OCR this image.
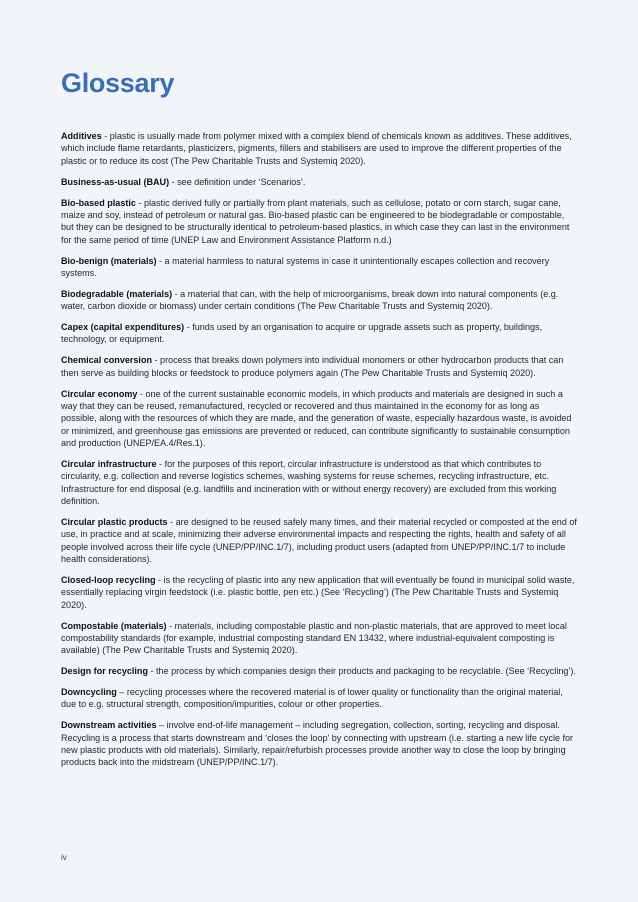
Glossary

Additives - plastic is usually made from polymer mixed with a complex blend of chemicals known as additives. These additives, which include flame retardants, plasticizers, pigments, fillers and stabilisers are used to improve the different properties of the plastic or to reduce its cost (The Pew Charitable Trusts and Systemiq 2020).

Business-as-usual (BAU) - see definition under ‘Scenarios’.

Bio-based plastic - plastic derived fully or partially from plant materials, such as cellulose, potato or corn starch, sugar cane, maize and soy, instead of petroleum or natural gas. Bio-based plastic can be engineered to be biodegradable or compostable, but they can be designed to be structurally identical to petroleum-based plastics, in which case they can last in the environment for the same period of time (UNEP Law and Environment Assistance Platform n.d.)

Bio-benign (materials) - a material harmless to natural systems in case it unintentionally escapes collection and recovery systems.

Biodegradable (materials) - a material that can, with the help of microorganisms, break down into natural components (e.g. water, carbon dioxide or biomass) under certain conditions (The Pew Charitable Trusts and Systemiq 2020).

Capex (capital expenditures) - funds used by an organisation to acquire or upgrade assets such as property, buildings, technology, or equipment.

Chemical conversion - process that breaks down polymers into individual monomers or other hydrocarbon products that can then serve as building blocks or feedstock to produce polymers again (The Pew Charitable Trusts and Systemiq 2020).

Circular economy - one of the current sustainable economic models, in which products and materials are designed in such a way that they can be reused, remanufactured, recycled or recovered and thus maintained in the economy for as long as possible, along with the resources of which they are made, and the generation of waste, especially hazardous waste, is avoided or minimized, and greenhouse gas emissions are prevented or reduced, can contribute significantly to sustainable consumption and production (UNEP/EA.4/Res.1).

Circular infrastructure - for the purposes of this report, circular infrastructure is understood as that which contributes to circularity, e.g. collection and reverse logistics schemes, washing systems for reuse schemes, recycling infrastructure, etc. Infrastructure for end disposal (e.g. landfills and incineration with or without energy recovery) are excluded from this working definition.

Circular plastic products - are designed to be reused safely many times, and their material recycled or composted at the end of use, in practice and at scale, minimizing their adverse environmental impacts and respecting the rights, health and safety of all people involved across their life cycle (UNEP/PP/INC.1/7), including product users (adapted from UNEP/PP/INC.1/7 to include health considerations).

Closed-loop recycling - is the recycling of plastic into any new application that will eventually be found in municipal solid waste, essentially replacing virgin feedstock (i.e. plastic bottle, pen etc.) (See ‘Recycling’) (The Pew Charitable Trusts and Systemiq 2020).

Compostable (materials) - materials, including compostable plastic and non-plastic materials, that are approved to meet local compostability standards (for example, industrial composting standard EN 13432, where industrial-equivalent composting is available) (The Pew Charitable Trusts and Systemiq 2020).

Design for recycling - the process by which companies design their products and packaging to be recyclable. (See ‘Recycling’).

Downcycling – recycling processes where the recovered material is of lower quality or functionality than the original material, due to e.g. structural strength, composition/impurities, colour or other properties.

Downstream activities – involve end-of-life management – including segregation, collection, sorting, recycling and disposal. Recycling is a process that starts downstream and ‘closes the loop’ by connecting with upstream (i.e. starting a new life cycle for new plastic products with old materials). Similarly, repair/refurbish processes provide another way to close the loop by bringing products back into the midstream (UNEP/PP/INC.1/7).

iv
